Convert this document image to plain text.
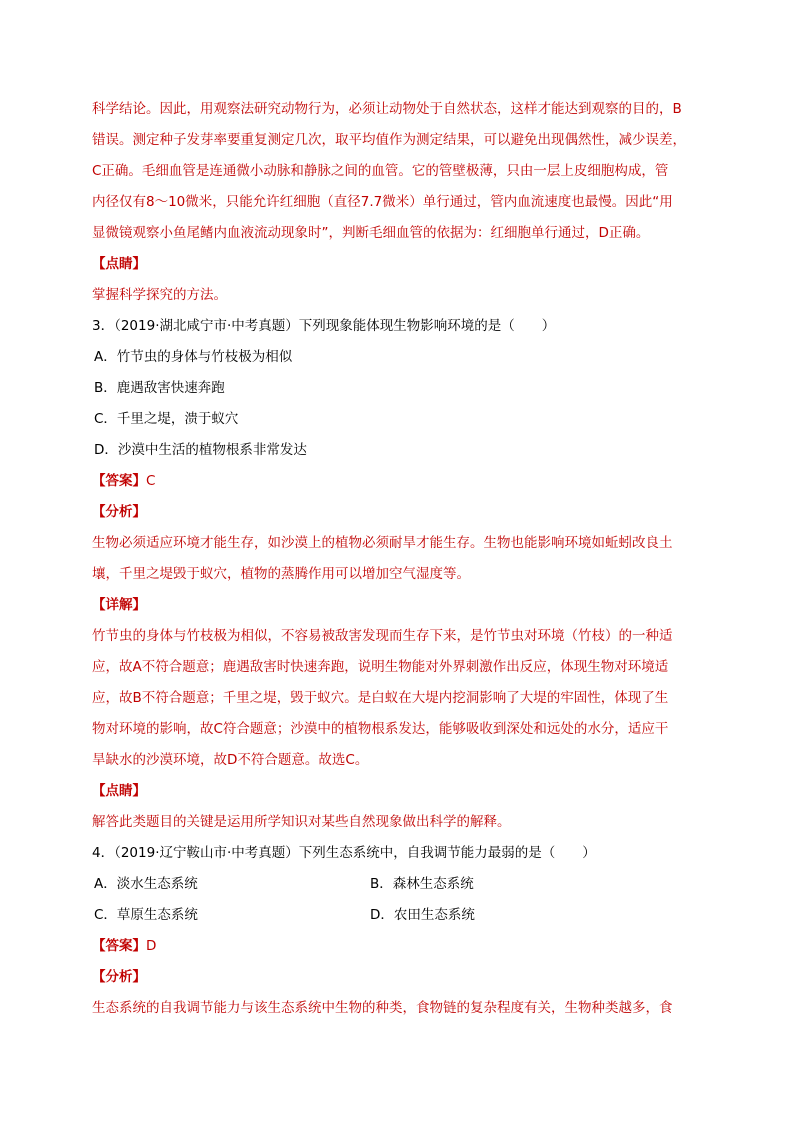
科学结论。因此，用观察法研究动物行为，必须让动物处于自然状态，这样才能达到观察的目的，B

错误。测定种子发芽率要重复测定几次，取平均值作为测定结果，可以避免出现偶然性，减少误差，

C正确。毛细血管是连通微小动脉和静脉之间的血管。它的管壁极薄，只由一层上皮细胞构成，管

内径仅有8～10微米，只能允许红细胞（直径7.7微米）单行通过，管内血流速度也最慢。因此“用

显微镜观察小鱼尾鳍内血液流动现象时”，判断毛细血管的依据为：红细胞单行通过，D正确。

【点睛】

掌握科学探究的方法。

3．（2019·湖北咸宁市·中考真题）下列现象能体现生物影响环境的是（　　）

A．竹节虫的身体与竹枝极为相似

B．鹿遇敌害快速奔跑

C．千里之堤，溃于蚁穴

D．沙漠中生活的植物根系非常发达

【答案】C

【分析】

生物必须适应环境才能生存，如沙漠上的植物必须耐旱才能生存。生物也能影响环境如蚯蚓改良土

壤，千里之堤毁于蚁穴，植物的蒸腾作用可以增加空气湿度等。

【详解】

竹节虫的身体与竹枝极为相似，不容易被敌害发现而生存下来，是竹节虫对环境（竹枝）的一种适

应，故A不符合题意；鹿遇敌害时快速奔跑，说明生物能对外界刺激作出反应，体现生物对环境适

应，故B不符合题意；千里之堤，毁于蚁穴。是白蚁在大堤内挖洞影响了大堤的牢固性，体现了生

物对环境的影响，故C符合题意；沙漠中的植物根系发达，能够吸收到深处和远处的水分，适应干

旱缺水的沙漠环境，故D不符合题意。故选C。

【点睛】

解答此类题目的关键是运用所学知识对某些自然现象做出科学的解释。

4．（2019·辽宁鞍山市·中考真题）下列生态系统中，自我调节能力最弱的是（　　）

A．淡水生态系统	B．森林生态系统
C．草原生态系统	D．农田生态系统

【答案】D

【分析】

生态系统的自我调节能力与该生态系统中生物的种类，食物链的复杂程度有关，生物种类越多，食
